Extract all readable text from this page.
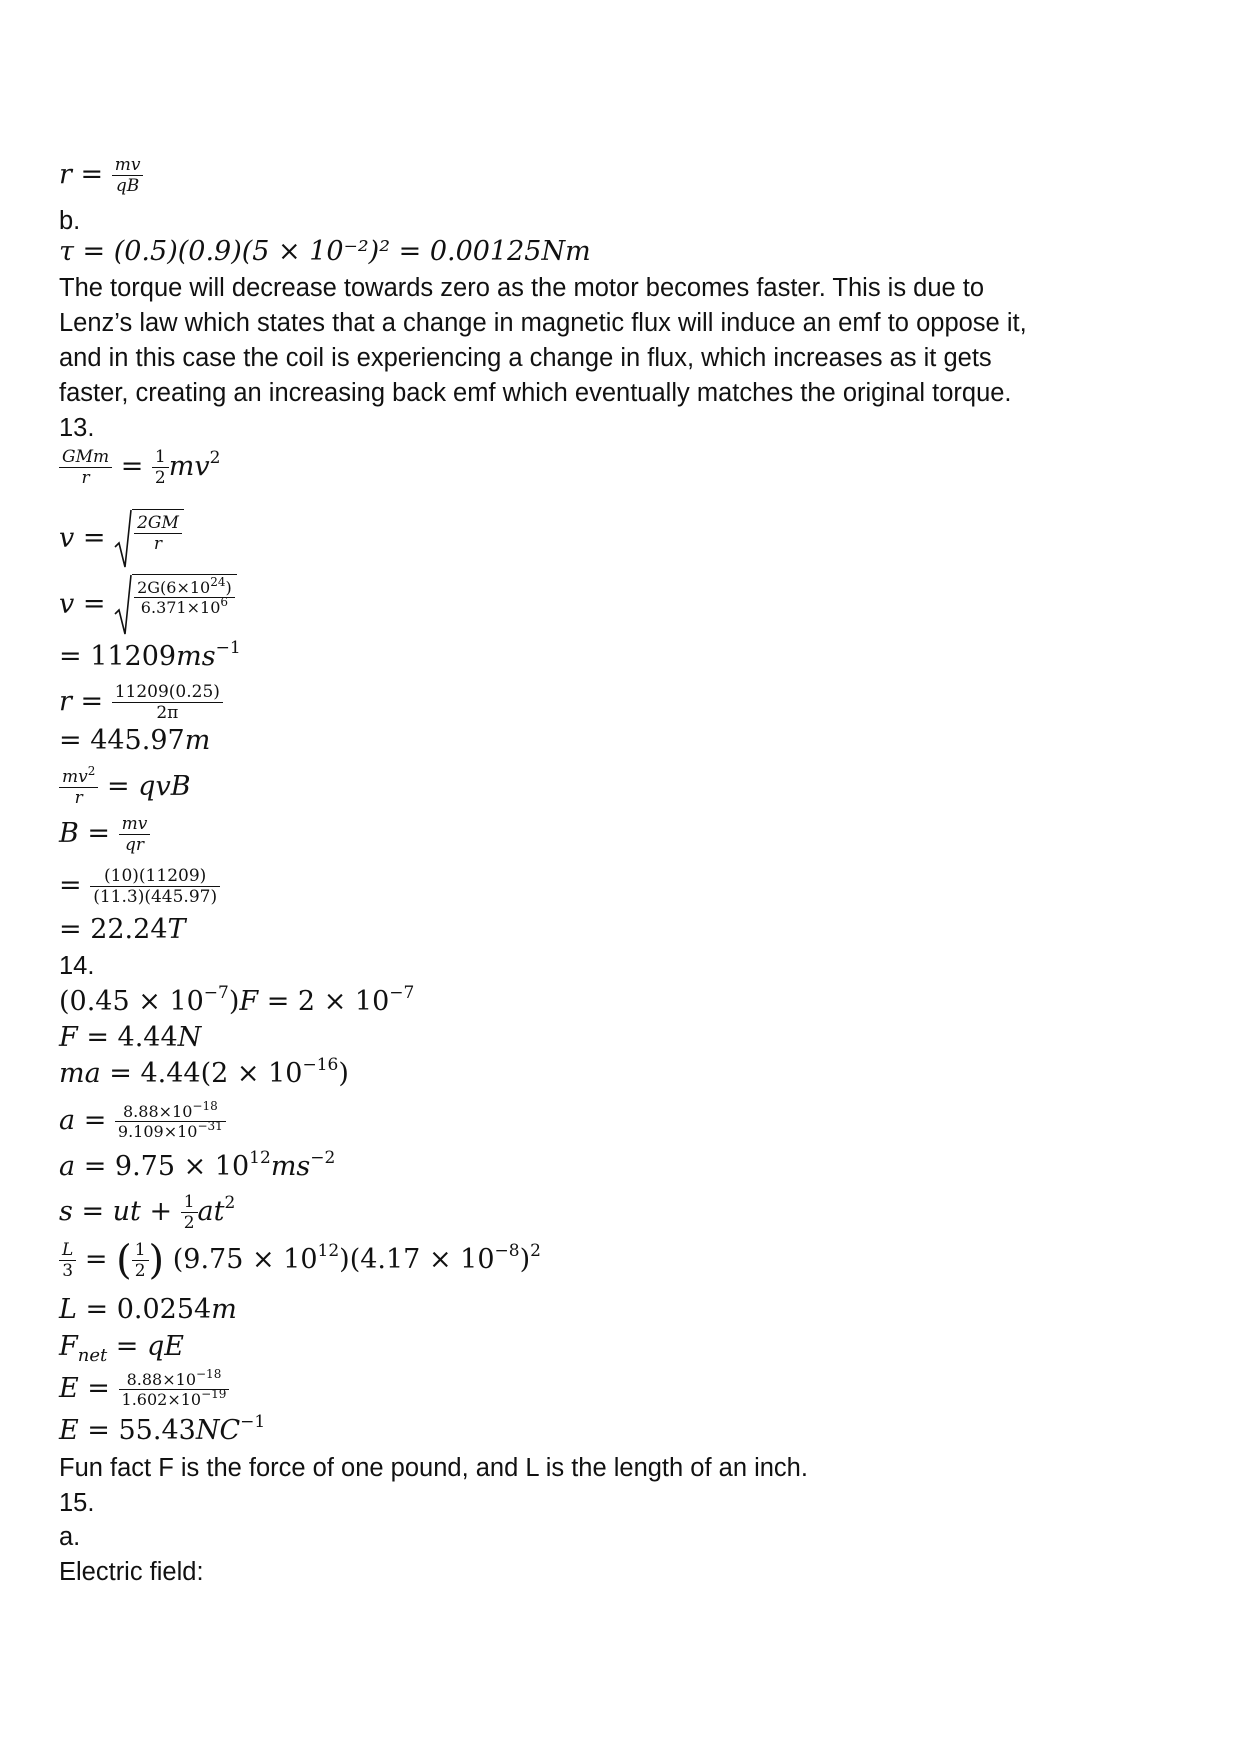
$r = \frac{mv}{qB}$
b.
τ = (0.5)(0.9)(5 × 10⁻²)² = 0.00125Nm
The torque will decrease towards zero as the motor becomes faster. This is due to
Lenz’s law which states that a change in magnetic flux will induce an emf to oppose it,
and in this case the coil is experiencing a change in flux, which increases as it gets
faster, creating an increasing back emf which eventually matches the original torque.
13.
GMm
$r = \frac{1}{2} mv^2$
$v = \frac{2GM}{r}$
$v = \frac{2G(6\times 10^{24})}{6.371\times 10^6}$
= $11209ms^{-1}$
$r = \frac{11209(0.25)}{2\pi}$
= 445.97m
$\frac{mv^2}{r}$ = qvB
$B = \frac{mv}{qr}$
= $\frac{(10)(11209)}{(11.3)(445.97)}$
= 22.24T
14.
$(0.45 \times 10^{-7})F = 2 \times 10^{-7}$
F = 4.44N
ma = $4.44(2 \times 10^{-16})$
$a = \frac{8.88\times 10^{-18}}{9.109\times 10^{-31}}$
$a = 9.75 \times 10^{12}ms^{-2}$
s = ut + $\frac{1}{2} at^2$
$\frac{L}{3}$ = ( $\frac{1}{2}$ ) $(9.75 \times 10^{12})(4.17 \times 10^{-8})^2$
L = 0.0254m
$F_{net}$ = qE
$E = \frac{8.88\times 10^{-18}}{1.602\times 10^{-19}}$
$E = 55.43NC^{-1}$
Fun fact F is the force of one pound, and L is the length of an inch.
15.
a.
Electric field:
